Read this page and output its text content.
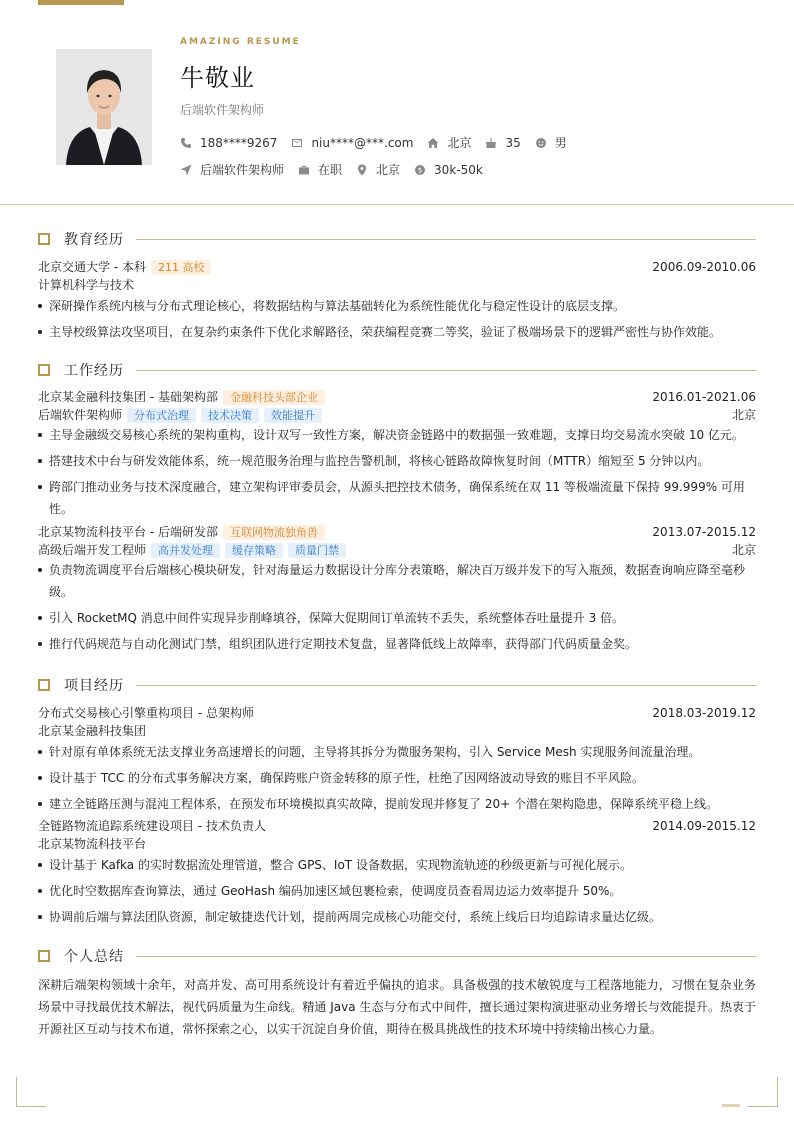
AMAZING RESUME
牛敬业
后端软件架构师
188****9267	niu****@***.com	北京	35	男
后端软件架构师	在职	北京	$ 30k-50k
教育经历
北京交通大学 - 本科	211 高校	2006.09-2010.06
计算机科学与技术
深研操作系统内核与分布式理论核心，将数据结构与算法基础转化为系统性能优化与稳定性设计的底层支撑。
主导校级算法攻坚项目，在复杂约束条件下优化求解路径，荣获编程竞赛二等奖，验证了极端场景下的逻辑严密性与协作效能。
工作经历
北京某金融科技集团 - 基础架构部	金融科技头部企业	2016.01-2021.06
后端软件架构师	分布式治理	技术决策	效能提升	北京
主导金融级交易核心系统的架构重构，设计双写一致性方案，解决资金链路中的数据强一致难题，支撑日均交易流水突破 10 亿元。
搭建技术中台与研发效能体系，统一规范服务治理与监控告警机制，将核心链路故障恢复时间（MTTR）缩短至 5 分钟以内。
跨部门推动业务与技术深度融合，建立架构评审委员会，从源头把控技术债务，确保系统在双 11 等极端流量下保持 99.999% 可用性。
北京某物流科技平台 - 后端研发部	互联网物流独角兽	2013.07-2015.12
高级后端开发工程师	高并发处理	缓存策略	质量门禁	北京
负责物流调度平台后端核心模块研发，针对海量运力数据设计分库分表策略，解决百万级并发下的写入瓶颈，数据查询响应降至毫秒级。
引入 RocketMQ 消息中间件实现异步削峰填谷，保障大促期间订单流转不丢失，系统整体吞吐量提升 3 倍。
推行代码规范与自动化测试门禁，组织团队进行定期技术复盘，显著降低线上故障率，获得部门代码质量金奖。
项目经历
分布式交易核心引擎重构项目 - 总架构师	2018.03-2019.12
北京某金融科技集团
针对原有单体系统无法支撑业务高速增长的问题，主导将其拆分为微服务架构，引入 Service Mesh 实现服务间流量治理。
设计基于 TCC 的分布式事务解决方案，确保跨账户资金转移的原子性，杜绝了因网络波动导致的账目不平风险。
建立全链路压测与混沌工程体系，在预发布环境模拟真实故障，提前发现并修复了 20+ 个潜在架构隐患，保障系统平稳上线。
全链路物流追踪系统建设项目 - 技术负责人	2014.09-2015.12
北京某物流科技平台
设计基于 Kafka 的实时数据流处理管道，整合 GPS、IoT 设备数据，实现物流轨迹的秒级更新与可视化展示。
优化时空数据库查询算法，通过 GeoHash 编码加速区域包裹检索，使调度员查看周边运力效率提升 50%。
协调前后端与算法团队资源，制定敏捷迭代计划，提前两周完成核心功能交付，系统上线后日均追踪请求量达亿级。
个人总结
深耕后端架构领域十余年，对高并发、高可用系统设计有着近乎偏执的追求。具备极强的技术敏锐度与工程落地能力，习惯在复杂业务场景中寻找最优技术解法，视代码质量为生命线。精通 Java 生态与分布式中间件，擅长通过架构演进驱动业务增长与效能提升。热衷于开源社区互动与技术布道，常怀探索之心，以实干沉淀自身价值，期待在极具挑战性的技术环境中持续输出核心力量。
